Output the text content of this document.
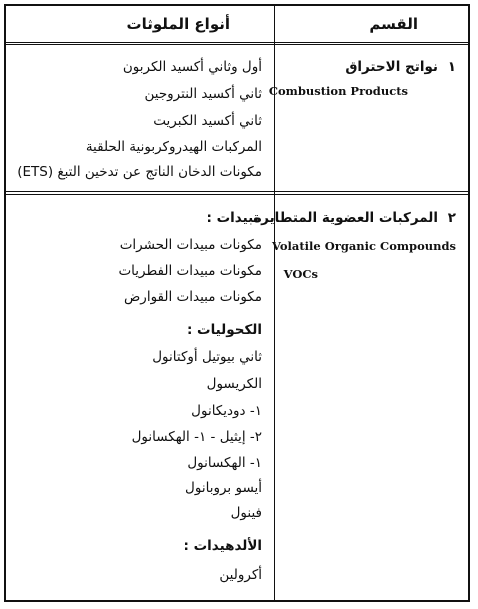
القسم
أنواع الملوثات
١
نواتج الاحتراق
Combustion Products
أول وثاني أكسيد الكربون
ثاني أكسيد النتروجين
ثاني أكسيد الكبريت
المركبات الهيدروكربونية الحلقية
مكونات الدخان الناتج عن تدخين التبغ (ETS)
٢
المركبات العضوية المتطايرة
Volatile Organic Compounds
VOCs
مبيدات :
مكونات مبيدات الحشرات
مكونات مبيدات الفطريات
مكونات مبيدات القوارض
الكحوليات :
ثاني بيوتيل أوكتانول
الكريسول
١- دوديكانول
٢- إيثيل - ١- الهكسانول
١- الهكسانول
أيسو بروبانول
فينول
الألدهيدات :
أكرولين
